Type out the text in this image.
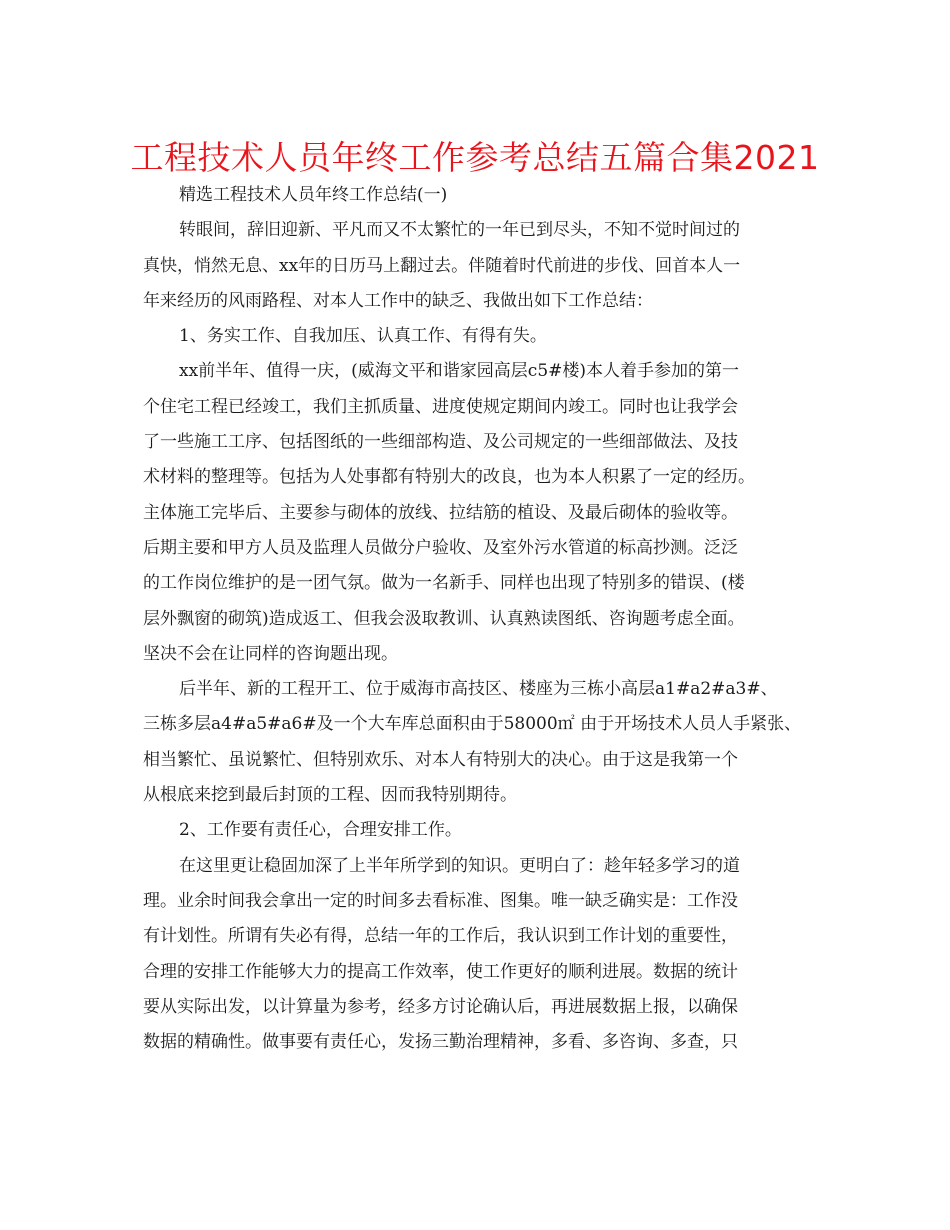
工程技术人员年终工作参考总结五篇合集2021
精选工程技术人员年终工作总结(一)
转眼间，辞旧迎新、平凡而又不太繁忙的一年已到尽头，不知不觉时间过的
真快，悄然无息、xx年的日历马上翻过去。伴随着时代前进的步伐、回首本人一
年来经历的风雨路程、对本人工作中的缺乏、我做出如下工作总结：
1、务实工作、自我加压、认真工作、有得有失。
xx前半年、值得一庆，(威海文平和谐家园高层c5#楼)本人着手参加的第一
个住宅工程已经竣工，我们主抓质量、进度使规定期间内竣工。同时也让我学会
了一些施工工序、包括图纸的一些细部构造、及公司规定的一些细部做法、及技
术材料的整理等。包括为人处事都有特别大的改良，也为本人积累了一定的经历。
主体施工完毕后、主要参与砌体的放线、拉结筋的植设、及最后砌体的验收等。
后期主要和甲方人员及监理人员做分户验收、及室外污水管道的标高抄测。泛泛
的工作岗位维护的是一团气氛。做为一名新手、同样也出现了特别多的错误、(楼
层外飘窗的砌筑)造成返工、但我会汲取教训、认真熟读图纸、咨询题考虑全面。
坚决不会在让同样的咨询题出现。
后半年、新的工程开工、位于威海市高技区、楼座为三栋小高层a1#a2#a3#、
三栋多层a4#a5#a6#及一个大车库总面积由于58000㎡ 由于开场技术人员人手紧张、
相当繁忙、虽说繁忙、但特别欢乐、对本人有特别大的决心。由于这是我第一个
从根底来挖到最后封顶的工程、因而我特别期待。
2、工作要有责任心，合理安排工作。
在这里更让稳固加深了上半年所学到的知识。更明白了：趁年轻多学习的道
理。业余时间我会拿出一定的时间多去看标准、图集。唯一缺乏确实是：工作没
有计划性。所谓有失必有得，总结一年的工作后，我认识到工作计划的重要性，
合理的安排工作能够大力的提高工作效率，使工作更好的顺利进展。数据的统计
要从实际出发，以计算量为参考，经多方讨论确认后，再进展数据上报，以确保
数据的精确性。做事要有责任心，发扬三勤治理精神，多看、多咨询、多查，只
